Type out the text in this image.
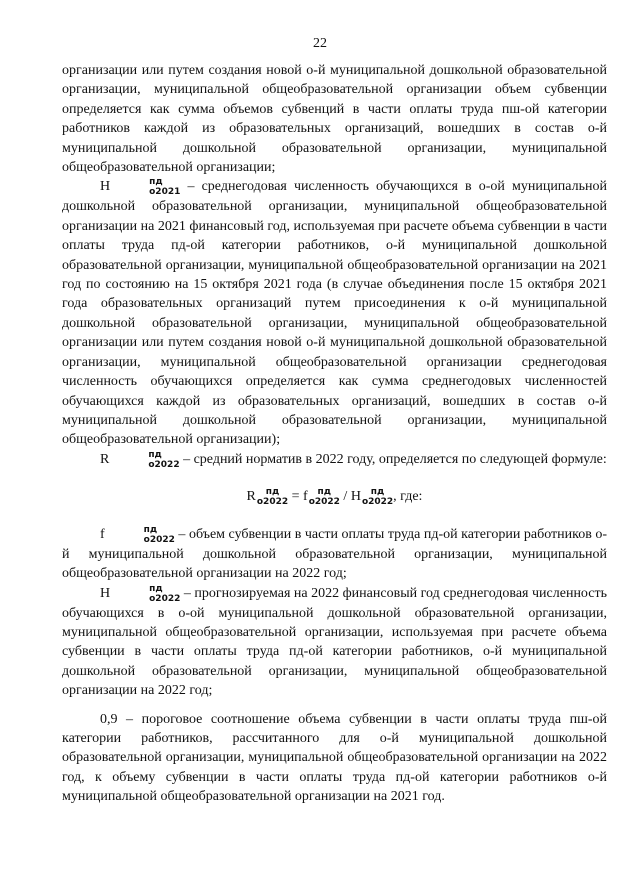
22

организации или путем создания новой о-й муниципальной дошкольной образовательной организации, муниципальной общеобразовательной организации объем субвенции определяется как сумма объемов субвенций в части оплаты труда пш-ой категории работников каждой из образовательных организаций, вошедших в состав о-й муниципальной дошкольной образовательной организации, муниципальной общеобразовательной организации;

Н	пд
о2021 – среднегодовая численность обучающихся в о-ой муниципальной дошкольной образовательной организации, муниципальной общеобразовательной организации на 2021 финансовый год, используемая при расчете объема субвенции в части оплаты труда пд-ой категории работников, о-й муниципальной дошкольной образовательной организации, муниципальной общеобразовательной организации на 2021 год по состоянию на 15 октября 2021 года (в случае объединения после 15 октября 2021 года образовательных организаций путем присоединения к о-й муниципальной дошкольной образовательной организации, муниципальной общеобразовательной организации или путем создания новой о-й муниципальной дошкольной образовательной организации, муниципальной общеобразовательной организации среднегодовая численность обучающихся определяется как сумма среднегодовых численностей обучающихся каждой из образовательных организаций, вошедших в состав о-й муниципальной дошкольной образовательной организации, муниципальной общеобразовательной организации);

R	пд
о2022 – средний норматив в 2022 году, определяется по следующей формуле:

R	пд
о2022 = f	пд
о2022 / Н	пд
о2022 , где:

f	пд
о2022 – объем субвенции в части оплаты труда пд-ой категории работников о-й муниципальной дошкольной образовательной организации, муниципальной общеобразовательной организации на 2022 год;

Н	пд
о2022 – прогнозируемая на 2022 финансовый год среднегодовая численность обучающихся в о-ой муниципальной дошкольной образовательной организации, муниципальной общеобразовательной организации, используемая при расчете объема субвенции в части оплаты труда пд-ой категории работников, о-й муниципальной дошкольной образовательной организации, муниципальной общеобразовательной организации на 2022 год;

0,9 – пороговое соотношение объема субвенции в части оплаты труда пш-ой категории работников, рассчитанного для о-й муниципальной дошкольной образовательной организации, муниципальной общеобразовательной организации на 2022 год, к объему субвенции в части оплаты труда пд-ой категории работников о-й муниципальной общеобразовательной организации на 2021 год.
